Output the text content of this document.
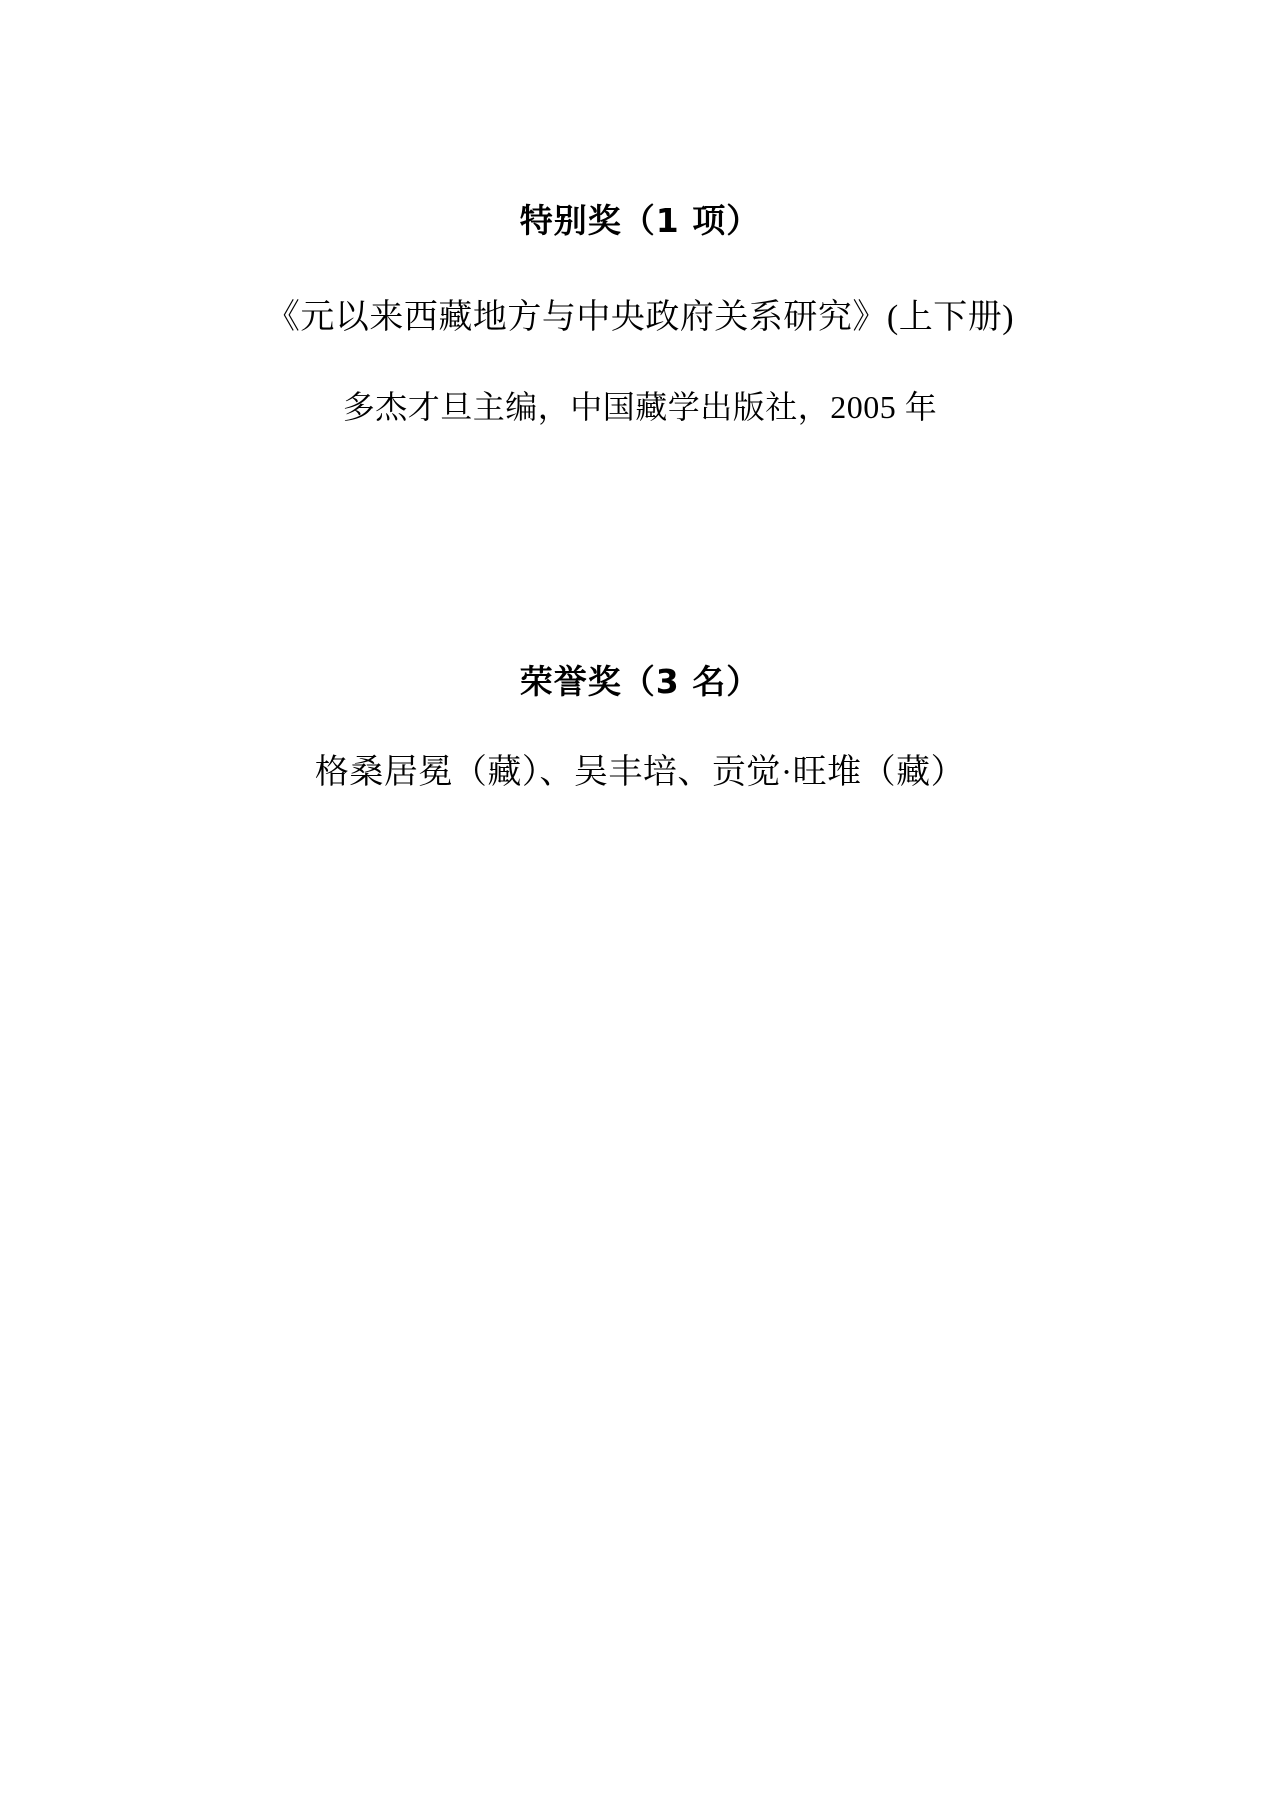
特别奖（1 项）
《元以来西藏地方与中央政府关系研究》(上下册)
多杰才旦主编，中国藏学出版社，2005 年
荣誉奖（3 名）
格桑居冕（藏）、吴丰培、贡觉·旺堆（藏）
